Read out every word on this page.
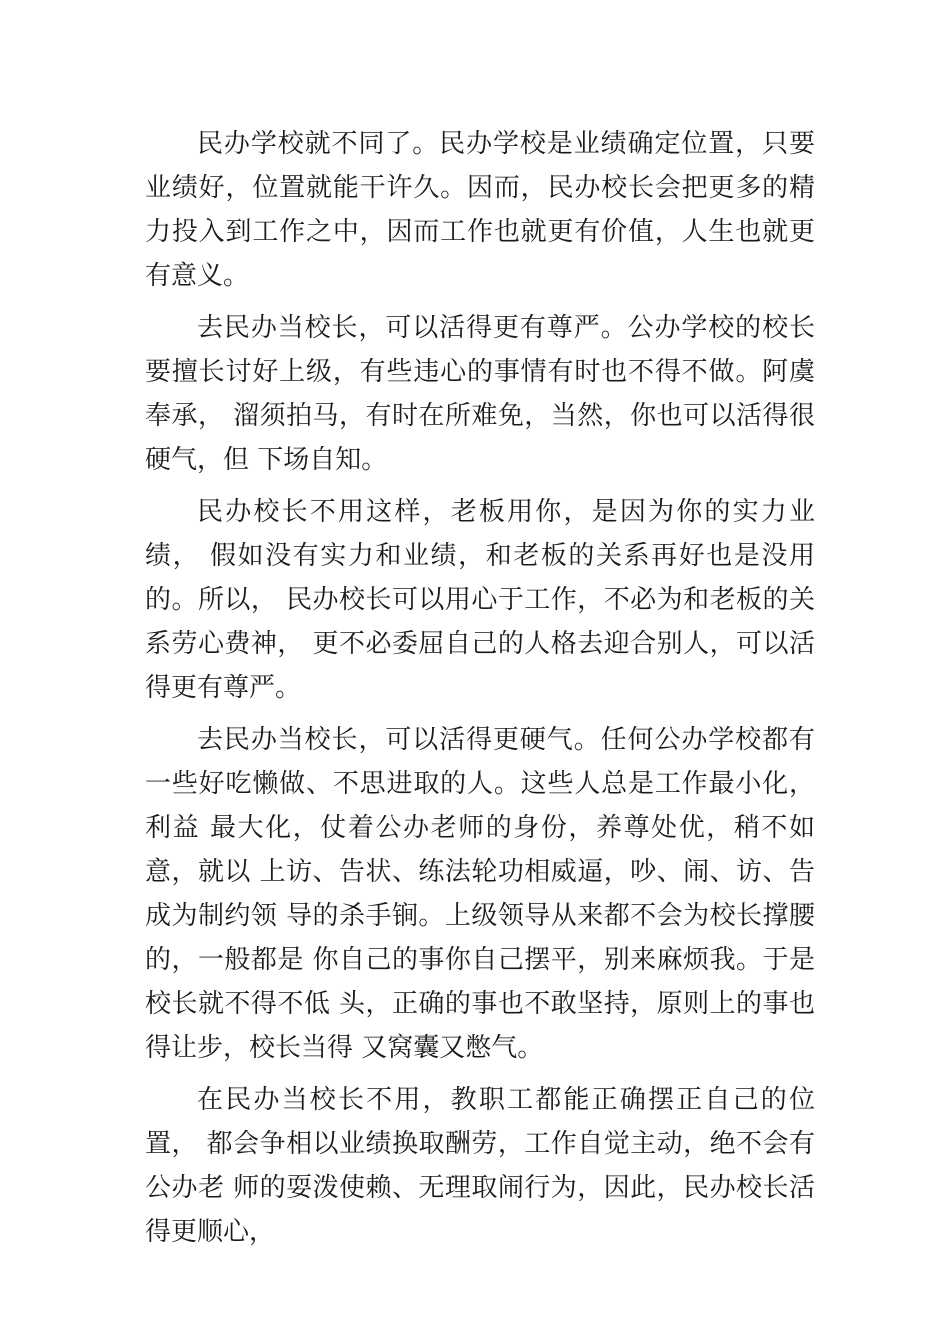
民办学校就不同了。民办学校是业绩确定位置，只要业绩好，位置就能干许久。因而，民办校长会把更多的精力投入到工作之中，因而工作也就更有价值，人生也就更有意义。

去民办当校长，可以活得更有尊严。公办学校的校长要擅长讨好上级，有些违心的事情有时也不得不做。阿虞奉承， 溜须拍马，有时在所难免，当然，你也可以活得很硬气，但 下场自知。

民办校长不用这样，老板用你，是因为你的实力业绩， 假如没有实力和业绩，和老板的关系再好也是没用的。所以， 民办校长可以用心于工作，不必为和老板的关系劳心费神， 更不必委屈自己的人格去迎合别人，可以活得更有尊严。

去民办当校长，可以活得更硬气。任何公办学校都有一些好吃懒做、不思进取的人。这些人总是工作最小化，利益 最大化，仗着公办老师的身份，养尊处优，稍不如意，就以 上访、告状、练法轮功相威逼，吵、闹、访、告成为制约领 导的杀手锏。上级领导从来都不会为校长撑腰的，一般都是 你自己的事你自己摆平，别来麻烦我。于是校长就不得不低 头，正确的事也不敢坚持，原则上的事也得让步，校长当得 又窝囊又憋气。

在民办当校长不用，教职工都能正确摆正自己的位置， 都会争相以业绩换取酬劳，工作自觉主动，绝不会有公办老 师的耍泼使赖、无理取闹行为，因此，民办校长活得更顺心，
